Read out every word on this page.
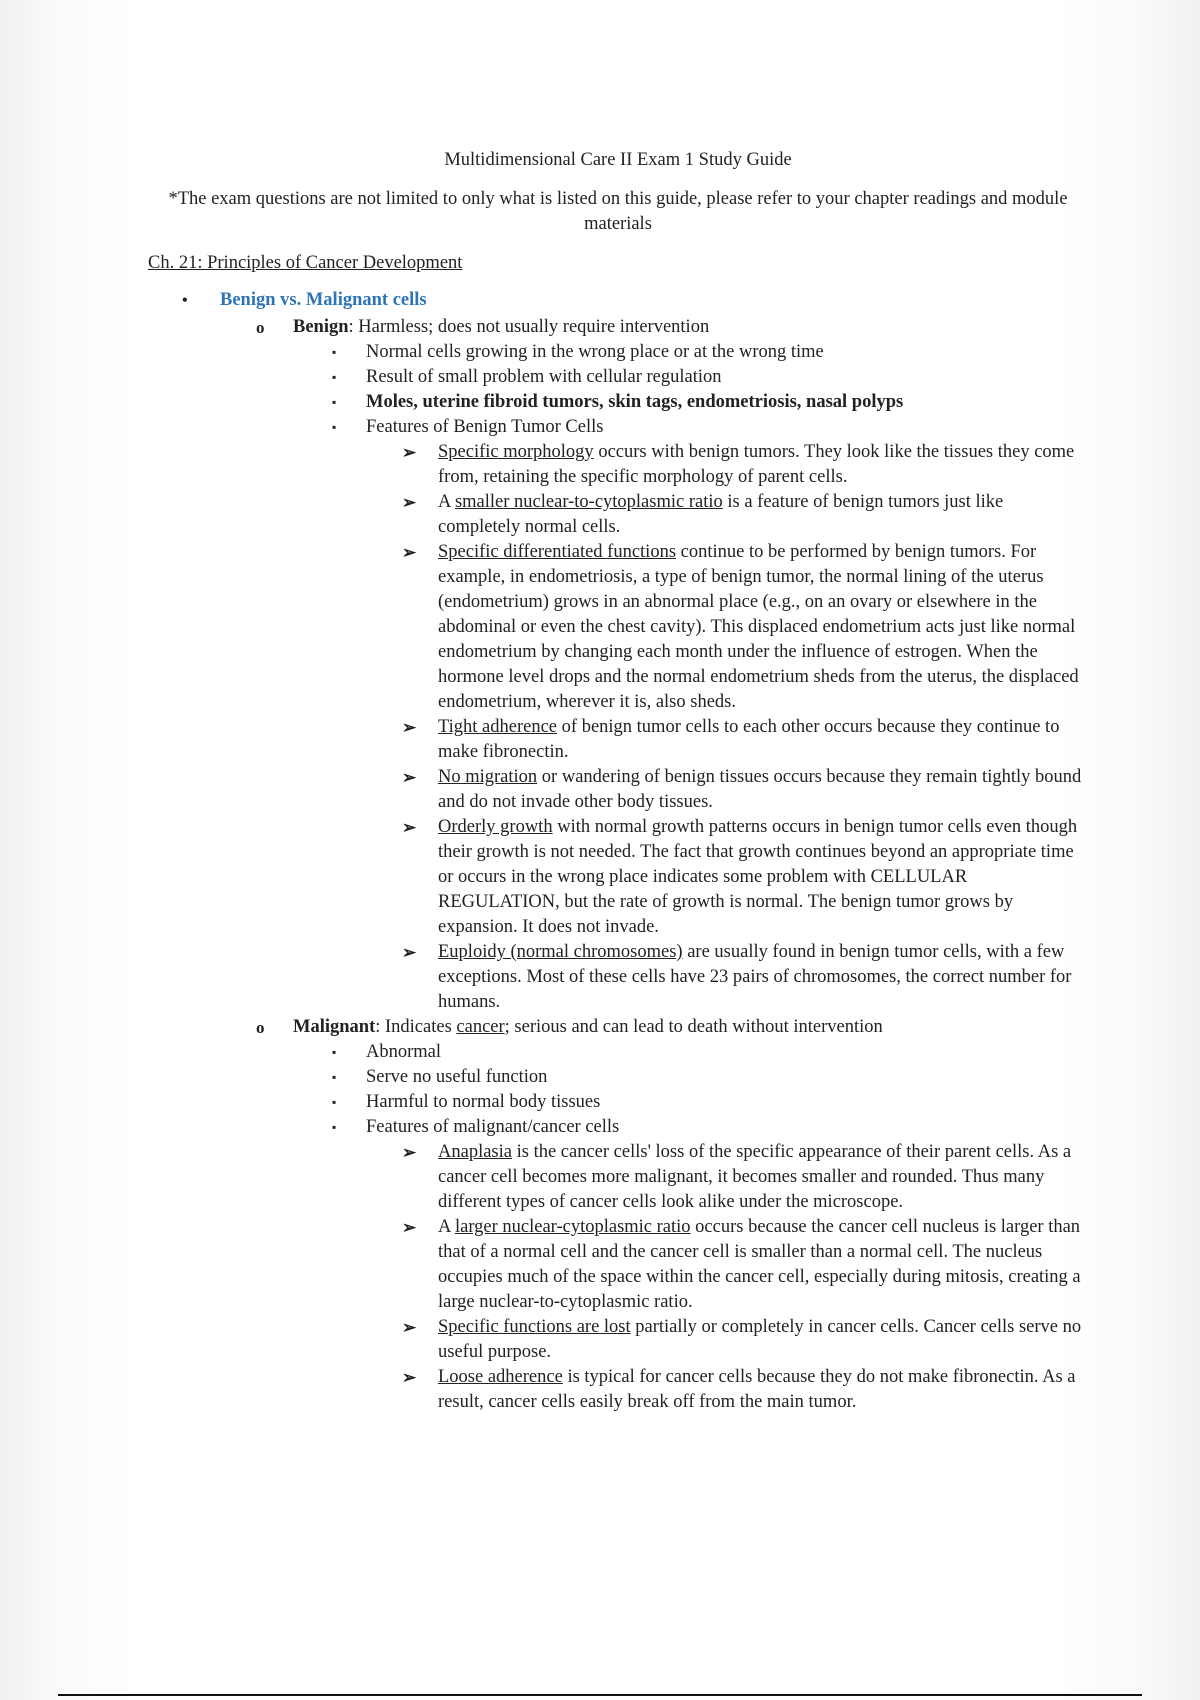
Multidimensional Care II Exam 1 Study Guide
*The exam questions are not limited to only what is listed on this guide, please refer to your chapter readings and module materials
Ch. 21: Principles of Cancer Development
• Benign vs. Malignant cells
o Benign: Harmless; does not usually require intervention
▪ Normal cells growing in the wrong place or at the wrong time
▪ Result of small problem with cellular regulation
▪ Moles, uterine fibroid tumors, skin tags, endometriosis, nasal polyps
▪ Features of Benign Tumor Cells
➢ Specific morphology occurs with benign tumors. They look like the tissues they come from, retaining the specific morphology of parent cells.
➢ A smaller nuclear-to-cytoplasmic ratio is a feature of benign tumors just like completely normal cells.
➢ Specific differentiated functions continue to be performed by benign tumors. For example, in endometriosis, a type of benign tumor, the normal lining of the uterus (endometrium) grows in an abnormal place (e.g., on an ovary or elsewhere in the abdominal or even the chest cavity). This displaced endometrium acts just like normal endometrium by changing each month under the influence of estrogen. When the hormone level drops and the normal endometrium sheds from the uterus, the displaced endometrium, wherever it is, also sheds.
➢ Tight adherence of benign tumor cells to each other occurs because they continue to make fibronectin.
➢ No migration or wandering of benign tissues occurs because they remain tightly bound and do not invade other body tissues.
➢ Orderly growth with normal growth patterns occurs in benign tumor cells even though their growth is not needed. The fact that growth continues beyond an appropriate time or occurs in the wrong place indicates some problem with CELLULAR REGULATION, but the rate of growth is normal. The benign tumor grows by expansion. It does not invade.
➢ Euploidy (normal chromosomes) are usually found in benign tumor cells, with a few exceptions. Most of these cells have 23 pairs of chromosomes, the correct number for humans.
o Malignant: Indicates cancer; serious and can lead to death without intervention
▪ Abnormal
▪ Serve no useful function
▪ Harmful to normal body tissues
▪ Features of malignant/cancer cells
➢ Anaplasia is the cancer cells' loss of the specific appearance of their parent cells. As a cancer cell becomes more malignant, it becomes smaller and rounded. Thus many different types of cancer cells look alike under the microscope.
➢ A larger nuclear-cytoplasmic ratio occurs because the cancer cell nucleus is larger than that of a normal cell and the cancer cell is smaller than a normal cell. The nucleus occupies much of the space within the cancer cell, especially during mitosis, creating a large nuclear-to-cytoplasmic ratio.
➢ Specific functions are lost partially or completely in cancer cells. Cancer cells serve no useful purpose.
➢ Loose adherence is typical for cancer cells because they do not make fibronectin. As a result, cancer cells easily break off from the main tumor.
